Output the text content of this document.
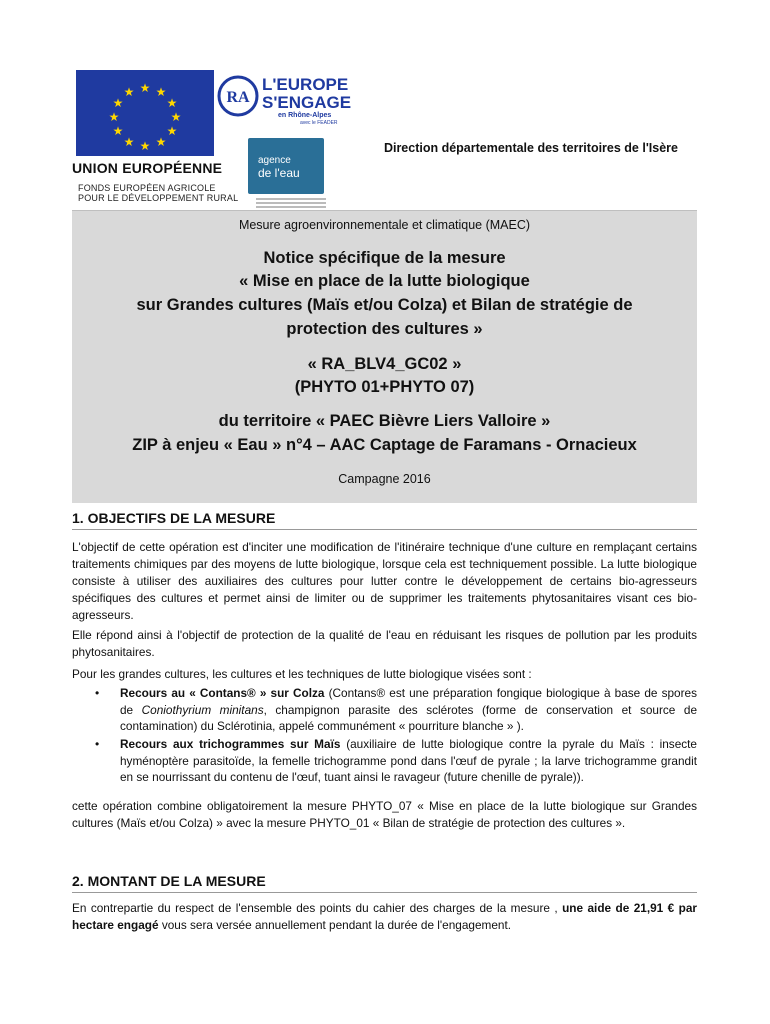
★ ★
★
★
★
★
★
★
★
★
★
★
UNION EUROPÉENNE
FONDS EUROPÉEN AGRICOLE
POUR LE DÉVELOPPEMENT RURAL
RA
L'EUROPE
S'ENGAGE
en Rhône-Alpes
avec le FEADER
agence
de l'eau
Direction départementale des territoires de l'Isère
Mesure agroenvironnementale et climatique (MAEC)
Notice spécifique de la mesure
« Mise en place de la lutte biologique
sur Grandes cultures (Maïs et/ou Colza) et Bilan de stratégie de
protection des cultures »
« RA_BLV4_GC02 »
(PHYTO 01+PHYTO 07)
du territoire « PAEC Bièvre Liers Valloire »
ZIP à enjeu « Eau » n°4 – AAC Captage de Faramans - Ornacieux
Campagne 2016
1. OBJECTIFS DE LA MESURE

L'objectif de cette opération est d'inciter une modification de l'itinéraire technique d'une culture en remplaçant certains traitements chimiques par des moyens de lutte biologique, lorsque cela est techniquement possible. La lutte biologique consiste à utiliser des auxiliaires des cultures pour lutter contre le développement de certains bio-agresseurs spécifiques des cultures et permet ainsi de limiter ou de supprimer les traitements phytosanitaires visant ces bio-agresseurs.

Elle répond ainsi à l'objectif de protection de la qualité de l'eau en réduisant les risques de pollution par les produits phytosanitaires.

Pour les grandes cultures, les cultures et les techniques de lutte biologique visées sont :

• Recours au « Contans® » sur Colza (Contans® est une préparation fongique biologique à base de spores de Coniothyrium minitans, champignon parasite des sclérotes (forme de conservation et source de contamination) du Sclérotinia, appelé communément « pourriture blanche » ).
• Recours aux trichogrammes sur Maïs (auxiliaire de lutte biologique contre la pyrale du Maïs : insecte hyménoptère parasitoïde, la femelle trichogramme pond dans l'œuf de pyrale ; la larve trichogramme grandit en se nourrissant du contenu de l'œuf, tuant ainsi le ravageur (future chenille de pyrale)).

cette opération combine obligatoirement la mesure PHYTO_07 « Mise en place de la lutte biologique sur Grandes cultures (Maïs et/ou Colza) » avec la mesure PHYTO_01 « Bilan de stratégie de protection des cultures ».

2. MONTANT DE LA MESURE

En contrepartie du respect de l'ensemble des points du cahier des charges de la mesure , une aide de 21,91 € par hectare engagé vous sera versée annuellement pendant la durée de l'engagement.
